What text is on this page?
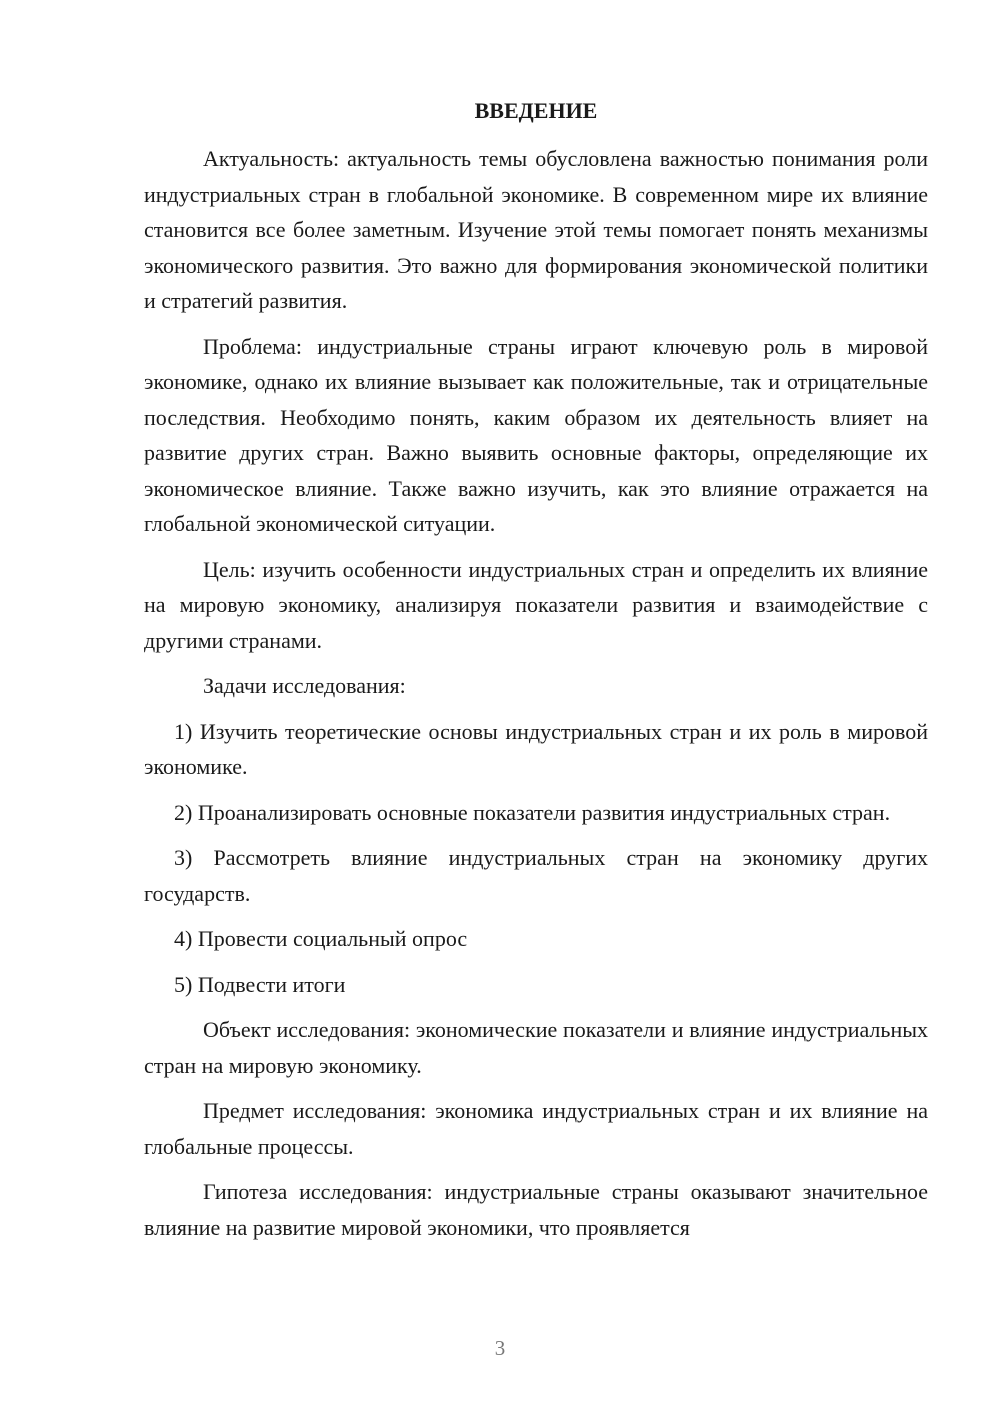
ВВЕДЕНИЕ

Актуальность: актуальность темы обусловлена важностью понимания роли индустриальных стран в глобальной экономике. В современном мире их влияние становится все более заметным. Изучение этой темы помогает понять механизмы экономического развития. Это важно для формирования экономической политики и стратегий развития.

Проблема: индустриальные страны играют ключевую роль в мировой экономике, однако их влияние вызывает как положительные, так и отрицательные последствия. Необходимо понять, каким образом их деятельность влияет на развитие других стран. Важно выявить основные факторы, определяющие их экономическое влияние. Также важно изучить, как это влияние отражается на глобальной экономической ситуации.

Цель: изучить особенности индустриальных стран и определить их влияние на мировую экономику, анализируя показатели развития и взаимодействие с другими странами.

Задачи исследования:

1) Изучить теоретические основы индустриальных стран и их роль в мировой экономике.

2) Проанализировать основные показатели развития индустриальных стран.

3) Рассмотреть влияние индустриальных стран на экономику других государств.

4) Провести социальный опрос

5) Подвести итоги

Объект исследования: экономические показатели и влияние индустриальных стран на мировую экономику.

Предмет исследования: экономика индустриальных стран и их влияние на глобальные процессы.

Гипотеза исследования: индустриальные страны оказывают значительное влияние на развитие мировой экономики, что проявляется

3
